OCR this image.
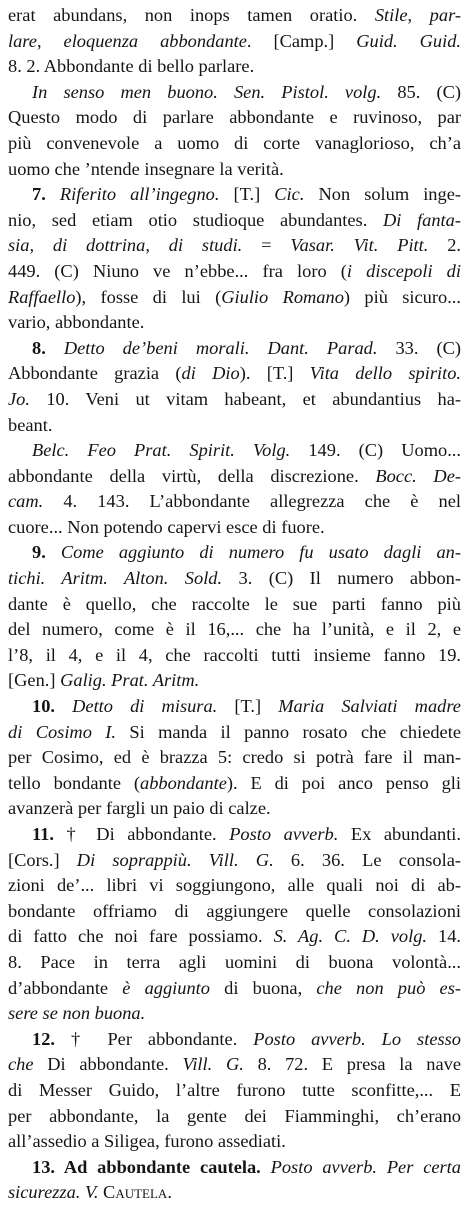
erat abundans, non inops tamen oratio. Stile, par-
lare, eloquenza abbondante. [Camp.] Guid. Guid.
8. 2. Abbondante di bello parlare.
In senso men buono. Sen. Pistol. volg. 85. (C)
Questo modo di parlare abbondante e ruvinoso, par
più convenevole a uomo di corte vanaglorioso, ch’a
uomo che ’ntende insegnare la verità.
7. Riferito all’ingegno. [T.] Cic. Non solum inge-
nio, sed etiam otio studioque abundantes. Di fanta-
sia, di dottrina, di studi. = Vasar. Vit. Pitt. 2.
449. (C) Niuno ve n’ebbe... fra loro (i discepoli di
Raffaello), fosse di lui (Giulio Romano) più sicuro...
vario, abbondante.
8. Detto de’beni morali. Dant. Parad. 33. (C)
Abbondante grazia (di Dio). [T.] Vita dello spirito.
Jo. 10. Veni ut vitam habeant, et abundantius ha-
beant.
Belc. Feo Prat. Spirit. Volg. 149. (C) Uomo...
abbondante della virtù, della discrezione. Bocc. De-
cam. 4. 143. L’abbondante allegrezza che è nel
cuore... Non potendo capervi esce di fuore.
9. Come aggiunto di numero fu usato dagli an-
tichi. Aritm. Alton. Sold. 3. (C) Il numero abbon-
dante è quello, che raccolte le sue parti fanno più
del numero, come è il 16,... che ha l’unità, e il 2, e
l’8, il 4, e il 4, che raccolti tutti insieme fanno 19.
[Gen.] Galig. Prat. Aritm.
10. Detto di misura. [T.] Maria Salviati madre
di Cosimo I. Si manda il panno rosato che chiedete
per Cosimo, ed è brazza 5: credo si potrà fare il man-
tello bondante (abbondante). E di poi anco penso gli
avanzerà per fargli un paio di calze.
11. † Di abbondante. Posto avverb. Ex abundanti.
[Cors.] Di soprappiù. Vill. G. 6. 36. Le consola-
zioni de’... libri vi soggiungono, alle quali noi di ab-
bondante offriamo di aggiungere quelle consolazioni
di fatto che noi fare possiamo. S. Ag. C. D. volg. 14.
8. Pace in terra agli uomini di buona volontà...
d’abbondante è aggiunto di buona, che non può es-
sere se non buona.
12. † Per abbondante. Posto avverb. Lo stesso
che Di abbondante. Vill. G. 8. 72. E presa la nave
di Messer Guido, l’altre furono tutte sconfitte,... E
per abbondante, la gente dei Fiamminghi, ch’erano
all’assedio a Siligea, furono assediati.
13. Ad abbondante cautela. Posto avverb. Per certa
sicurezza. V. Cautela.
